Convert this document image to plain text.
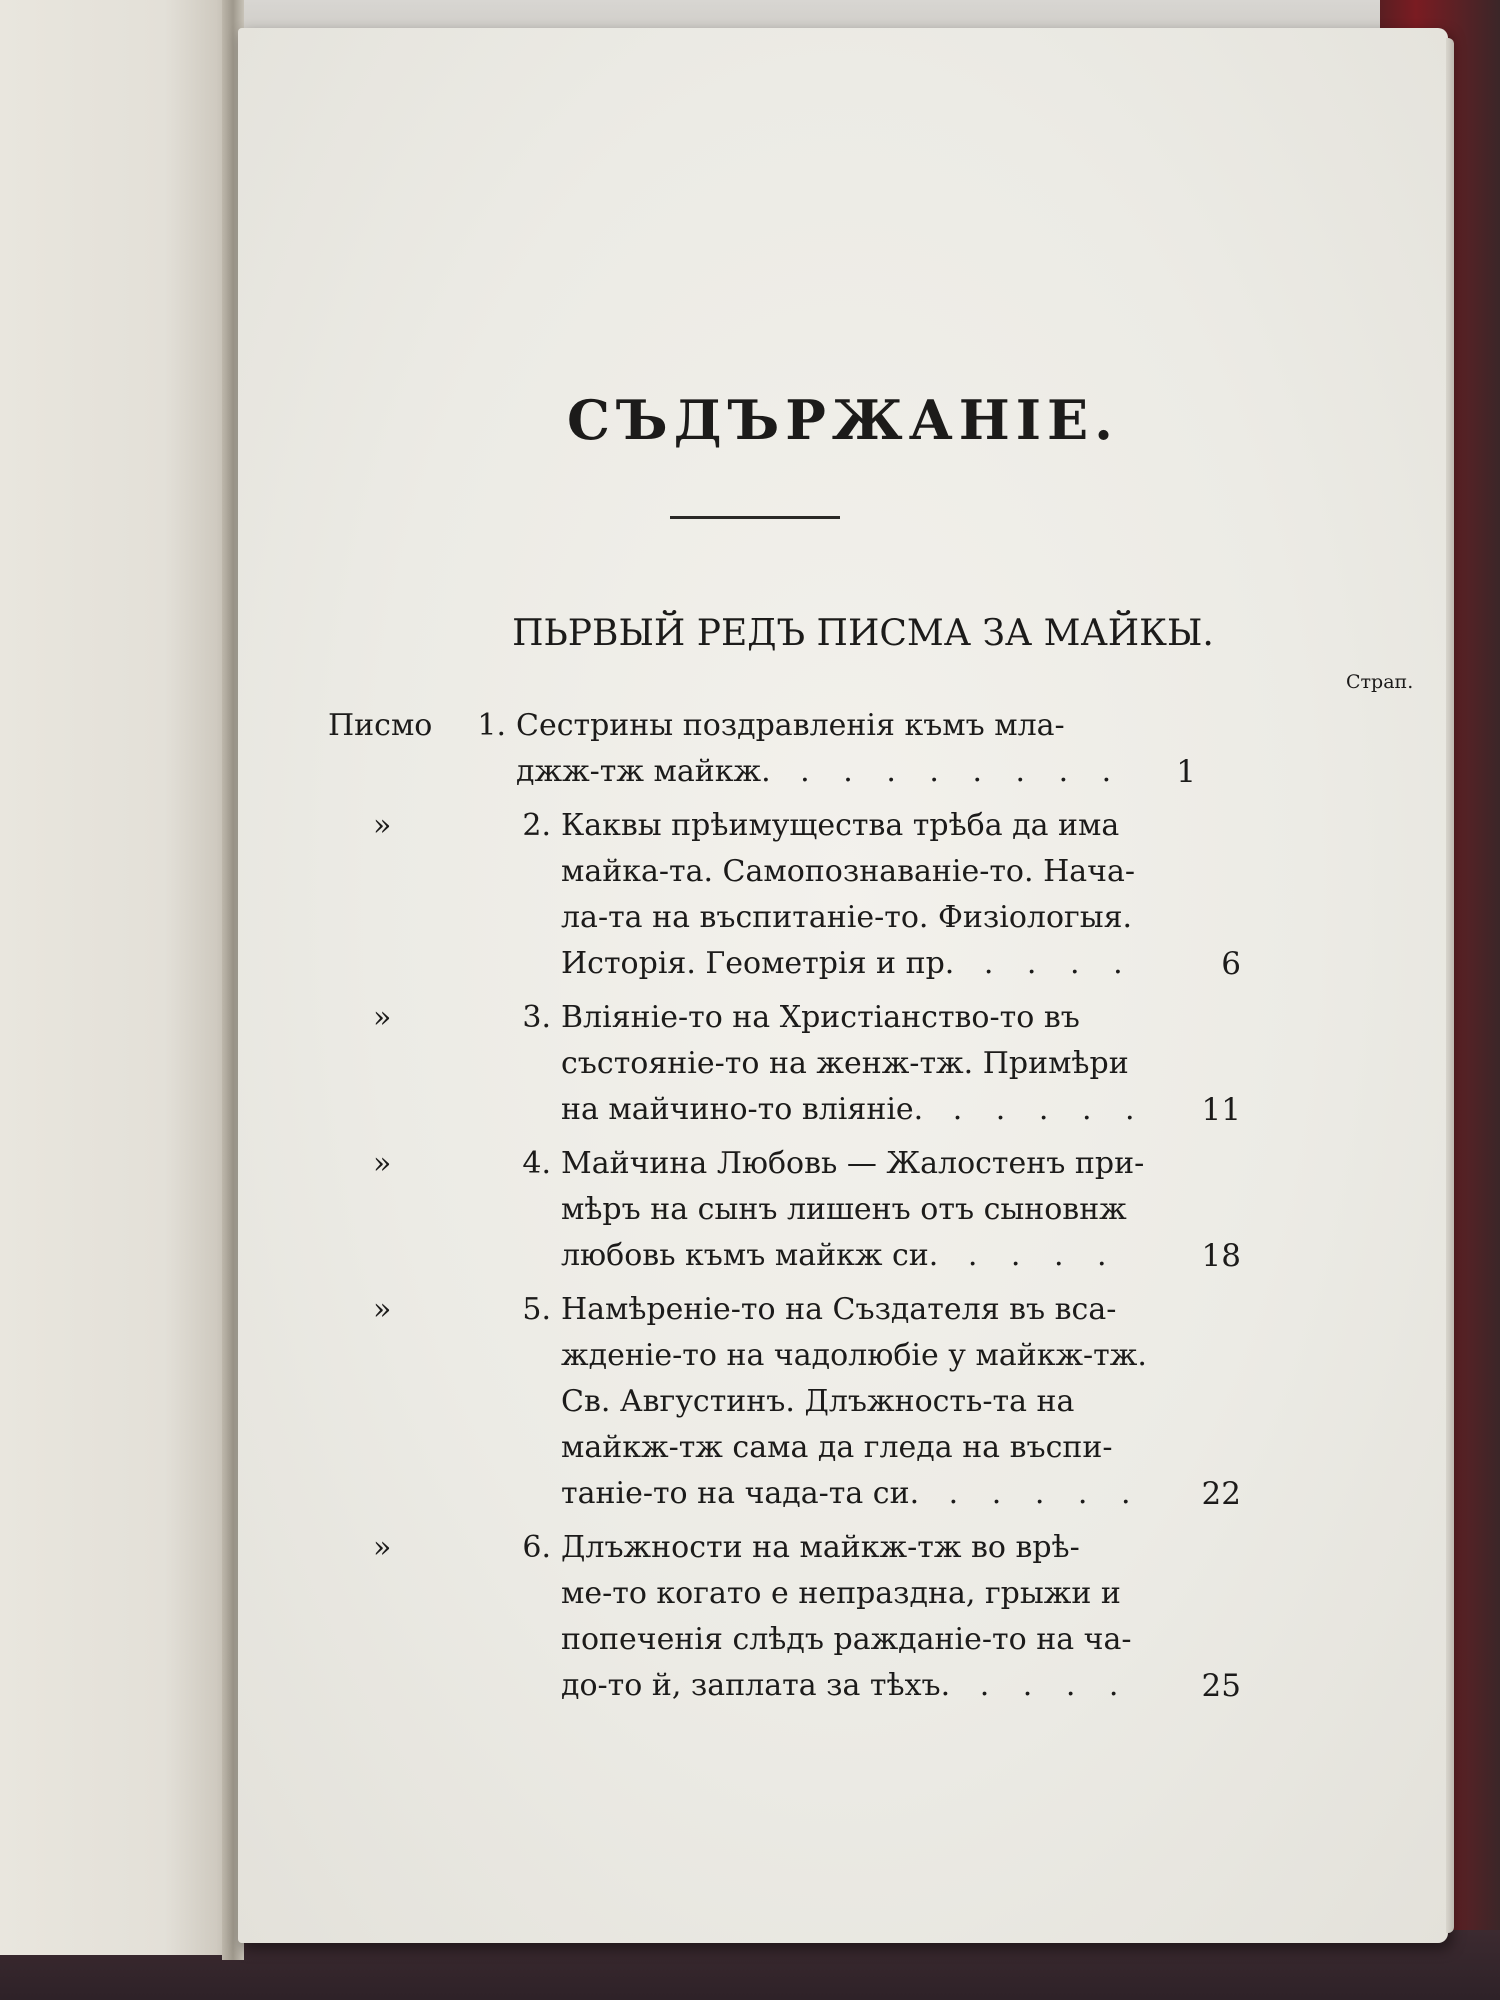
СЪДЪРЖАНІЕ.
ПЬРВЫЙ РЕДЪ ПИСМА ЗА МАЙКЫ.
Страп.
Писмо	1. Сестрины поздравленія къмъ мла-
джж-тж майкж. . . . . . . . .	1
»	2. Каквы прѣимущества трѣба да има
майка-та. Самопознаваніе-то. Нача-
ла-та на въспитаніе-то. Физіологыя.
Исторія. Геометрія и пр. . . . .	6
»	3. Вліяніе-то на Христіанство-то въ
състояніе-то на женж-тж. Примѣри
на майчино-то вліяніе. . . . . .	11
»	4. Майчина Любовь — Жалостенъ при-
мѣръ на сынъ лишенъ отъ сыновнж
любовь къмъ майкж си. . . . .	18
»	5. Намѣреніе-то на Създателя въ вса-
жденіе-то на чадолюбіе у майкж-тж.
Св. Августинъ. Длъжность-та на
майкж-тж сама да гледа на въспи-
таніе-то на чада-та си. . . . . .	22
»	6. Длъжности на майкж-тж во врѣ-
ме-то когато е непраздна, грыжи и
попеченія слѣдъ ражданіе-то на ча-
до-то й, заплата за тѣхъ. . . . .	25
